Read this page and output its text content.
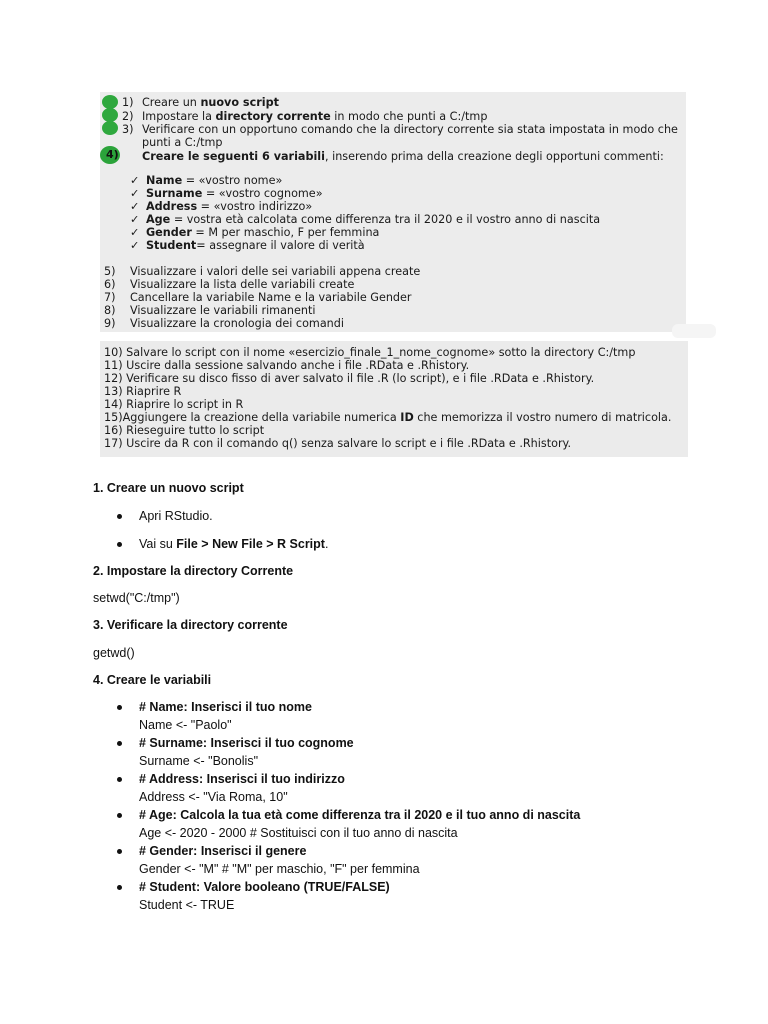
4)
1) Creare un nuovo script
2) Impostare la directory corrente in modo che punti a C:/tmp
3) Verificare con un opportuno comando che la directory corrente sia stata impostata in modo che
punti a C:/tmp
Creare le seguenti 6 variabili, inserendo prima della creazione degli opportuni commenti:
✓ Name = «vostro nome»
✓ Surname = «vostro cognome»
✓ Address = «vostro indirizzo»
✓ Age = vostra età calcolata come differenza tra il 2020 e il vostro anno di nascita
✓ Gender = M per maschio, F per femmina
✓ Student= assegnare il valore di verità
5) Visualizzare i valori delle sei variabili appena create
6) Visualizzare la lista delle variabili create
7) Cancellare la variabile Name e la variabile Gender
8) Visualizzare le variabili rimanenti
9) Visualizzare la cronologia dei comandi
10) Salvare lo script con il nome «esercizio_finale_1_nome_cognome» sotto la directory C:/tmp
11) Uscire dalla sessione salvando anche i file .RData e .Rhistory.
12) Verificare su disco fisso di aver salvato il file .R (lo script), e i file .RData e .Rhistory.
13) Riaprire R
14) Riaprire lo script in R
15)Aggiungere la creazione della variabile numerica ID che memorizza il vostro numero di matricola.
16) Rieseguire tutto lo script
17) Uscire da R con il comando q() senza salvare lo script e i file .RData e .Rhistory.
1. Creare un nuovo script
Apri RStudio.
Vai su File > New File > R Script.
2. Impostare la directory Corrente
setwd("C:/tmp")
3. Verificare la directory corrente
getwd()
4. Creare le variabili
# Name: Inserisci il tuo nome
Name <- "Paolo"
# Surname: Inserisci il tuo cognome
Surname <- "Bonolis"
# Address: Inserisci il tuo indirizzo
Address <- "Via Roma, 10"
# Age: Calcola la tua età come differenza tra il 2020 e il tuo anno di nascita
Age <- 2020 - 2000 # Sostituisci con il tuo anno di nascita
# Gender: Inserisci il genere
Gender <- "M" # "M" per maschio, "F" per femmina
# Student: Valore booleano (TRUE/FALSE)
Student <- TRUE
